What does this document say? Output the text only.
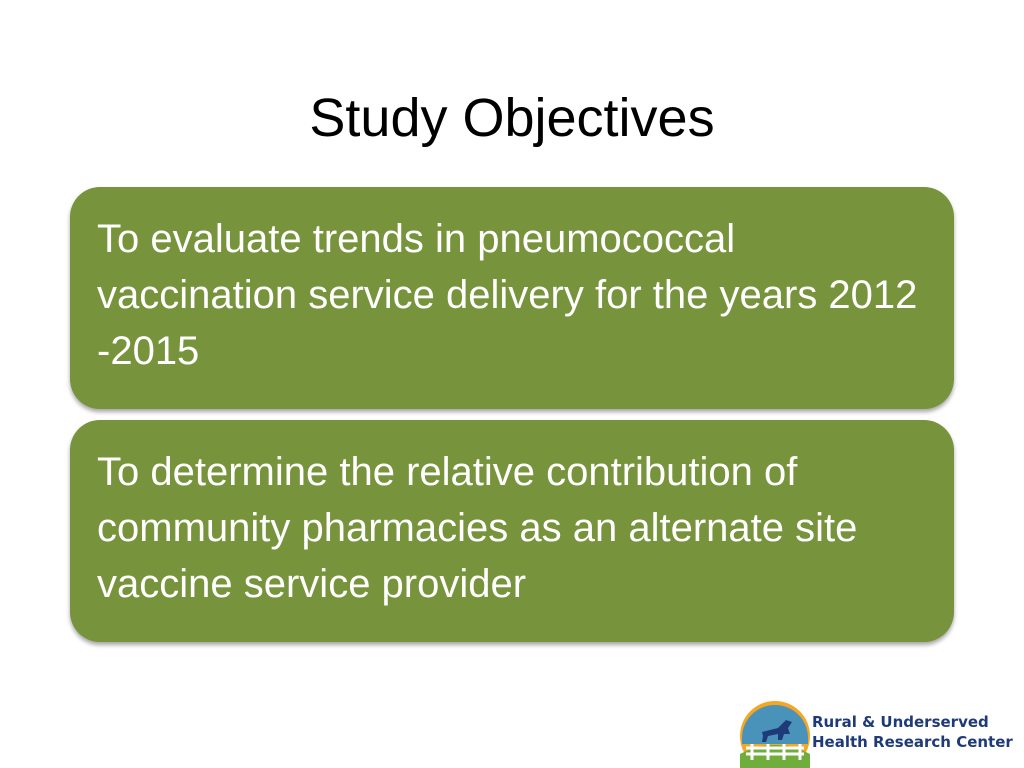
Study Objectives

To evaluate trends in pneumococcal vaccination service delivery for the years 2012 -2015

To determine the relative contribution of community pharmacies as an alternate site vaccine service provider

Rural & Underserved
Health Research Center
